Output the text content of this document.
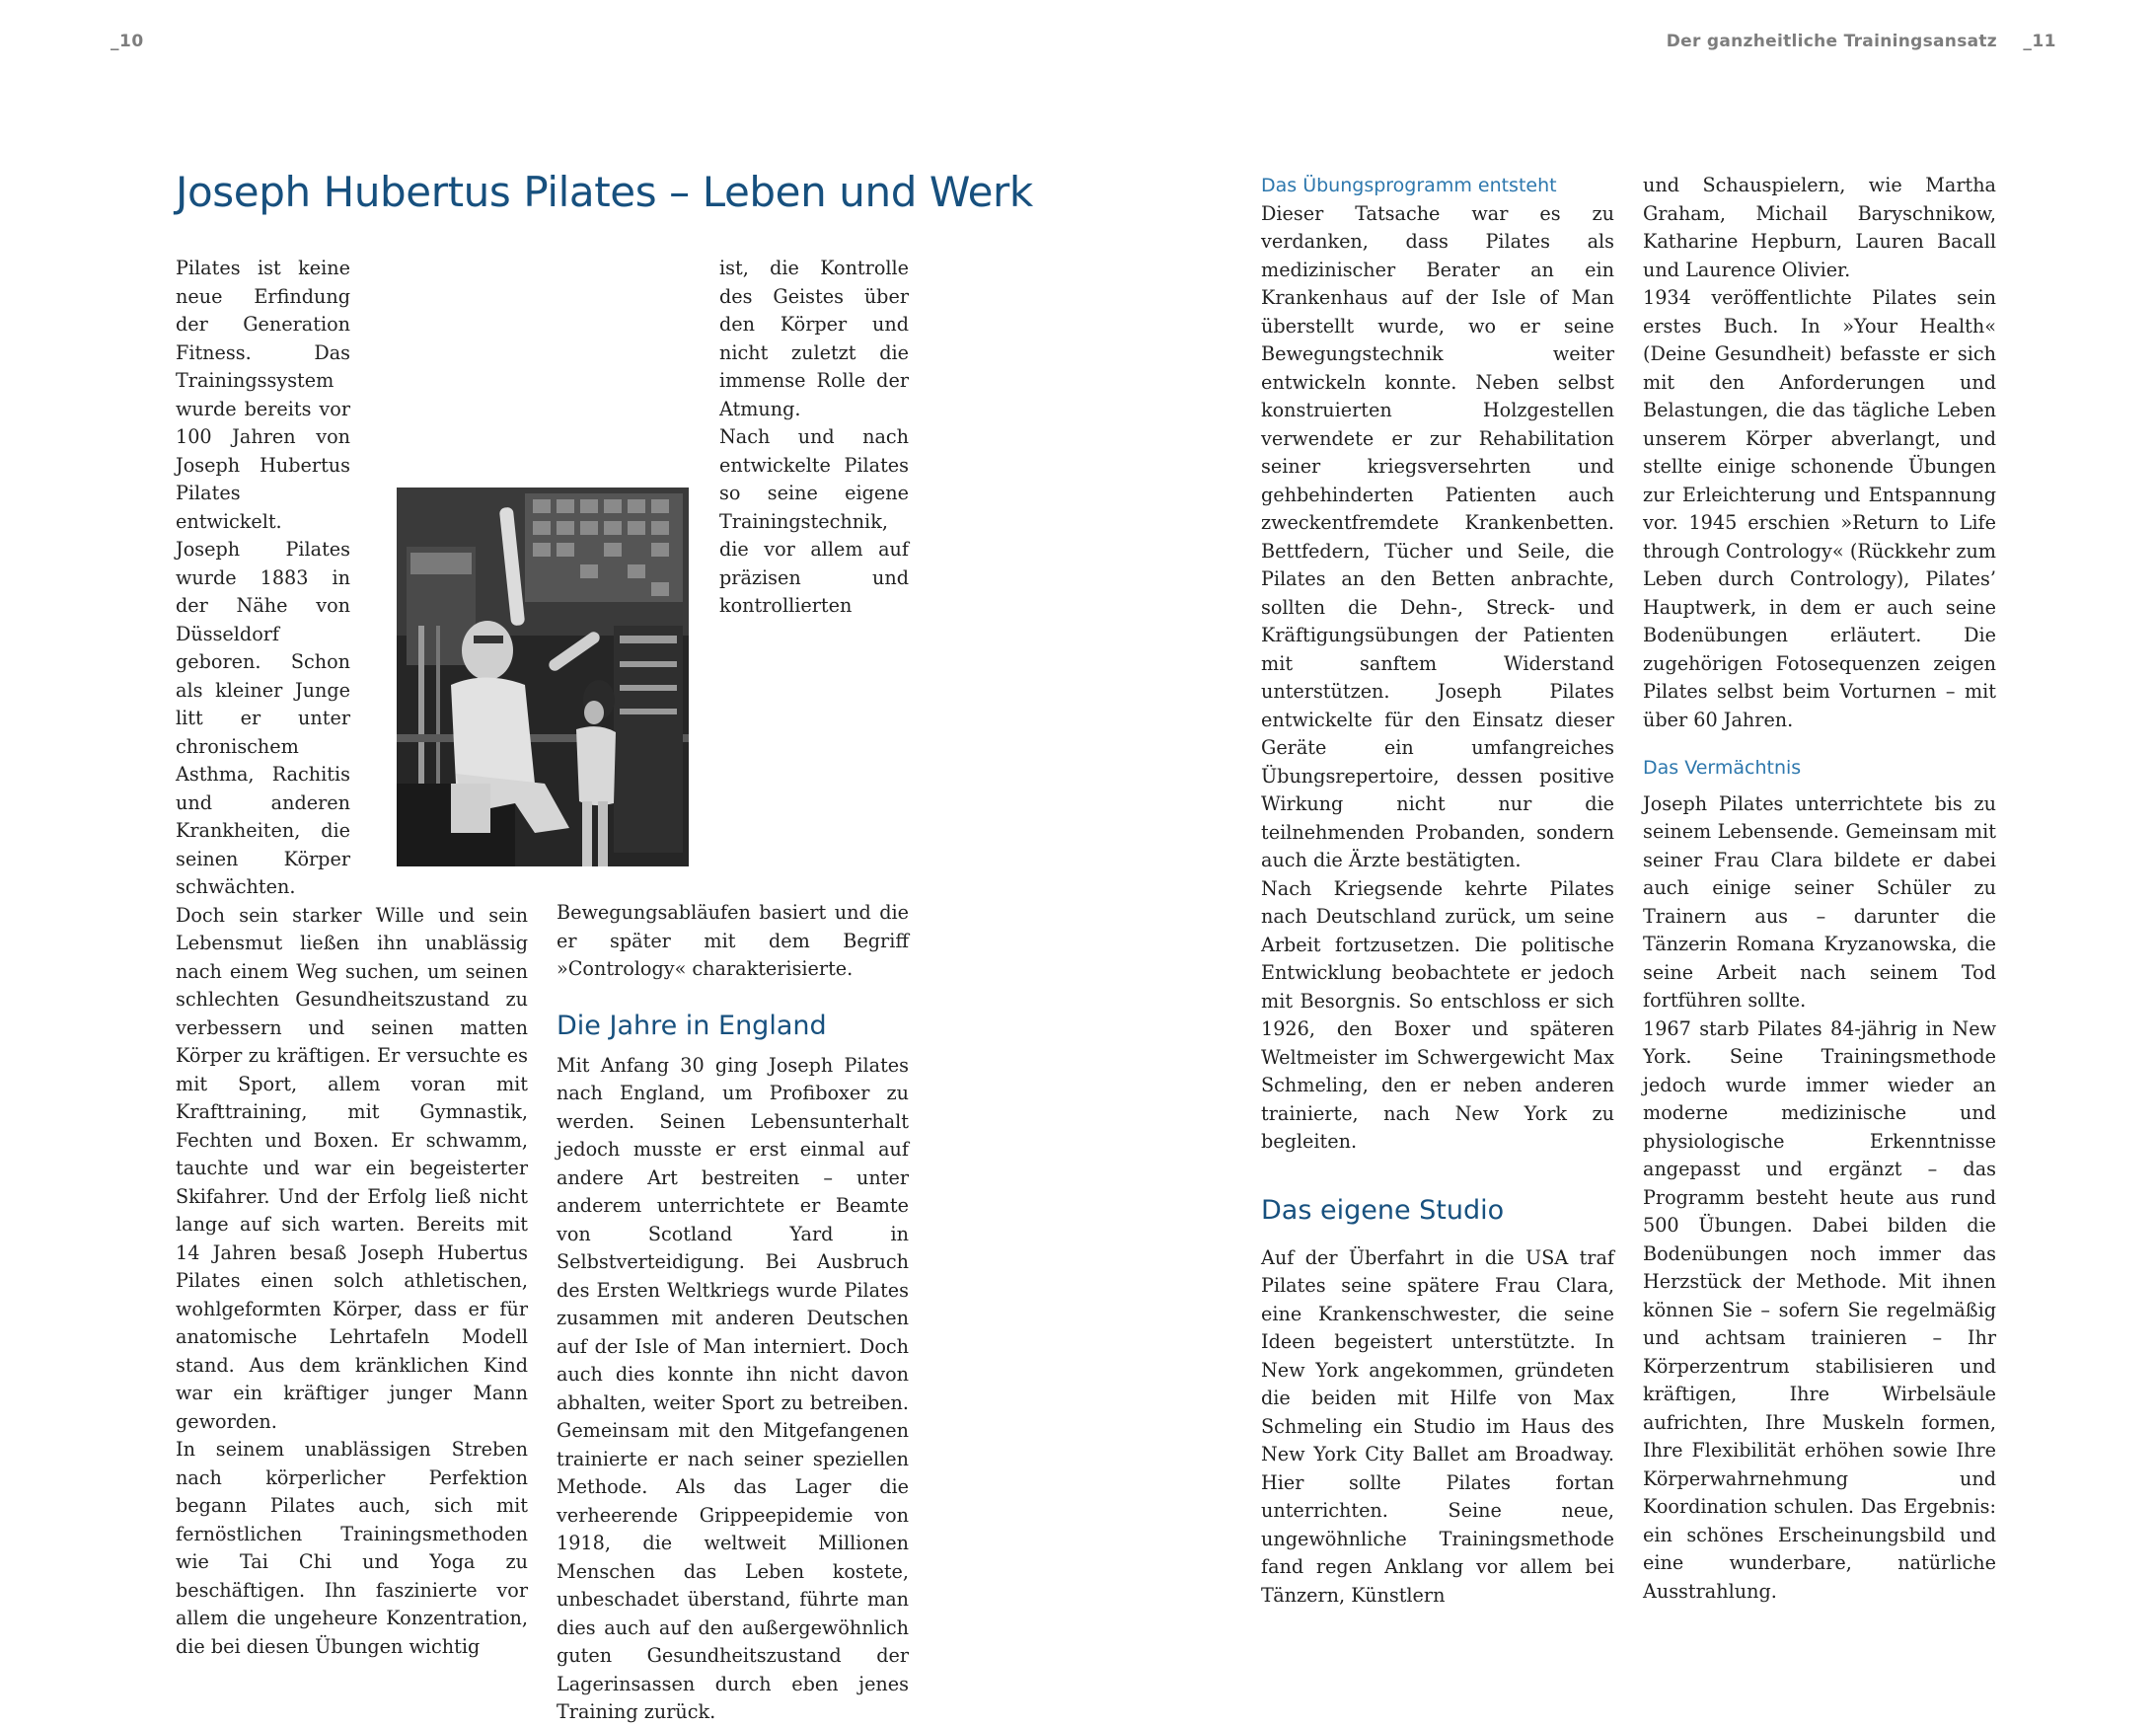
_10	Der ganzheitliche Trainingsansatz _11
Joseph Hubertus Pilates – Leben und Werk

Pilates ist keine neue Erfindung der Generation Fitness. Das Trainingssystem wurde bereits vor 100 Jahren von Joseph Hubertus Pilates entwickelt. Joseph Pilates wurde 1883 in der Nähe von Düsseldorf geboren. Schon als kleiner Junge litt er unter chronischem Asthma, Rachitis und anderen Krankheiten, die seinen Körper schwächten. Doch sein starker Wille und sein Lebensmut ließen ihn unablässig nach einem Weg suchen, um seinen schlechten Gesundheitszustand zu verbessern und seinen matten Körper zu kräftigen. Er versuchte es mit Sport, allem voran mit Krafttraining, mit Gymnastik, Fechten und Boxen. Er schwamm, tauchte und war ein begeisterter Skifahrer. Und der Erfolg ließ nicht lange auf sich warten. Bereits mit 14 Jahren besaß Joseph Hubertus Pilates einen solch athletischen, wohlgeformten Körper, dass er für anatomische Lehrtafeln Modell stand. Aus dem kränklichen Kind war ein kräftiger junger Mann geworden.

In seinem unablässigen Streben nach körperlicher Perfektion begann Pilates auch, sich mit fernöstlichen Trainingsmethoden wie Tai Chi und Yoga zu beschäftigen. Ihn faszinierte vor allem die ungeheure Konzentration, die bei diesen Übungen wichtig

ist, die Kontrolle des Geistes über den Körper und nicht zuletzt die immense Rolle der Atmung.

Nach und nach entwickelte Pilates so seine eigene Trainingstechnik, die vor allem auf präzisen und kontrollierten Bewegungsabläufen basiert und die er später mit dem Begriff »Contrology« charakterisierte.

Die Jahre in England

Mit Anfang 30 ging Joseph Pilates nach England, um Profiboxer zu werden. Seinen Lebensunterhalt jedoch musste er erst einmal auf andere Art bestreiten – unter anderem unterrichtete er Beamte von Scotland Yard in Selbstverteidigung. Bei Ausbruch des Ersten Weltkriegs wurde Pilates zusammen mit anderen Deutschen auf der Isle of Man interniert. Doch auch dies konnte ihn nicht davon abhalten, weiter Sport zu betreiben. Gemeinsam mit den Mitgefangenen trainierte er nach seiner speziellen Methode. Als das Lager die verheerende Grippeepidemie von 1918, die weltweit Millionen Menschen das Leben kostete, unbeschadet überstand, führte man dies auch auf den außergewöhnlich guten Gesundheitszustand der Lagerinsassen durch eben jenes Training zurück.

Das Übungsprogramm entsteht

Dieser Tatsache war es zu verdanken, dass Pilates als medizinischer Berater an ein Krankenhaus auf der Isle of Man überstellt wurde, wo er seine Bewegungstechnik weiter entwickeln konnte. Neben selbst konstruierten Holzgestellen verwendete er zur Rehabilitation seiner kriegsversehrten und gehbehinderten Patienten auch zweckentfremdete Krankenbetten. Bettfedern, Tücher und Seile, die Pilates an den Betten anbrachte, sollten die Dehn-, Streck- und Kräftigungsübungen der Patienten mit sanftem Widerstand unterstützen. Joseph Pilates entwickelte für den Einsatz dieser Geräte ein umfangreiches Übungsrepertoire, dessen positive Wirkung nicht nur die teilnehmenden Probanden, sondern auch die Ärzte bestätigten.

Nach Kriegsende kehrte Pilates nach Deutschland zurück, um seine Arbeit fortzusetzen. Die politische Entwicklung beobachtete er jedoch mit Besorgnis. So entschloss er sich 1926, den Boxer und späteren Weltmeister im Schwergewicht Max Schmeling, den er neben anderen trainierte, nach New York zu begleiten.

Das eigene Studio

Auf der Überfahrt in die USA traf Pilates seine spätere Frau Clara, eine Krankenschwester, die seine Ideen begeistert unterstützte. In New York angekommen, gründeten die beiden mit Hilfe von Max Schmeling ein Studio im Haus des New York City Ballet am Broadway. Hier sollte Pilates fortan unterrichten. Seine neue, ungewöhnliche Trainingsmethode fand regen Anklang vor allem bei Tänzern, Künstlern

und Schauspielern, wie Martha Graham, Michail Baryschnikow, Katharine Hepburn, Lauren Bacall und Laurence Olivier.

1934 veröffentlichte Pilates sein erstes Buch. In »Your Health« (Deine Gesundheit) befasste er sich mit den Anforderungen und Belastungen, die das tägliche Leben unserem Körper abverlangt, und stellte einige schonende Übungen zur Erleichterung und Entspannung vor. 1945 erschien »Return to Life through Contrology« (Rückkehr zum Leben durch Contrology), Pilates’ Hauptwerk, in dem er auch seine Bodenübungen erläutert. Die zugehörigen Fotosequenzen zeigen Pilates selbst beim Vorturnen – mit über 60 Jahren.

Das Vermächtnis

Joseph Pilates unterrichtete bis zu seinem Lebensende. Gemeinsam mit seiner Frau Clara bildete er dabei auch einige seiner Schüler zu Trainern aus – darunter die Tänzerin Romana Kryzanowska, die seine Arbeit nach seinem Tod fortführen sollte.

1967 starb Pilates 84-jährig in New York. Seine Trainingsmethode jedoch wurde immer wieder an moderne medizinische und physiologische Erkenntnisse angepasst und ergänzt – das Programm besteht heute aus rund 500 Übungen. Dabei bilden die Bodenübungen noch immer das Herzstück der Methode. Mit ihnen können Sie – sofern Sie regelmäßig und achtsam trainieren – Ihr Körperzentrum stabilisieren und kräftigen, Ihre Wirbelsäule aufrichten, Ihre Muskeln formen, Ihre Flexibilität erhöhen sowie Ihre Körperwahrnehmung und Koordination schulen. Das Ergebnis: ein schönes Erscheinungsbild und eine wunderbare, natürliche Ausstrahlung.
